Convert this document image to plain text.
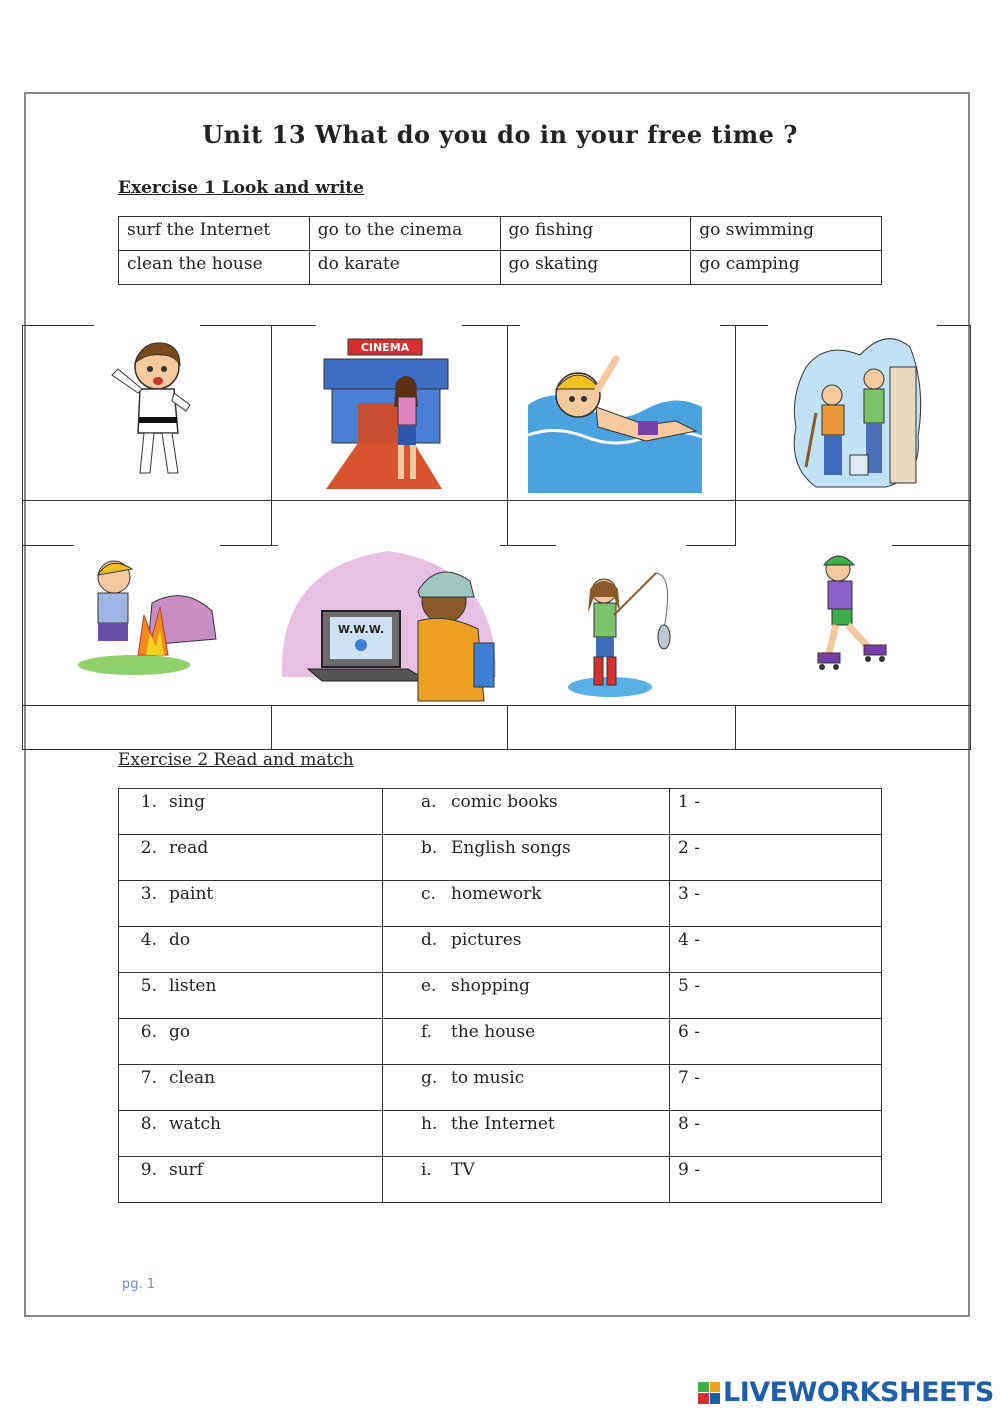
Unit 13 What do you do in your free time ?
Exercise 1 Look and write
surf the Internet	go to the cinema	go fishing	go swimming
clean the house	do karate	go skating	go camping
CINEMA
W.W.W.
Exercise 2 Read and match
1. sing	a. comic books	1 -
2. read	b. English songs	2 -
3. paint	c. homework	3 -
4. do	d. pictures	4 -
5. listen	e. shopping	5 -
6. go	f. the house	6 -
7. clean	g. to music	7 -
8. watch	h. the Internet	8 -
9. surf	i. TV	9 -
pg. 1
LIVEWORKSHEETS
